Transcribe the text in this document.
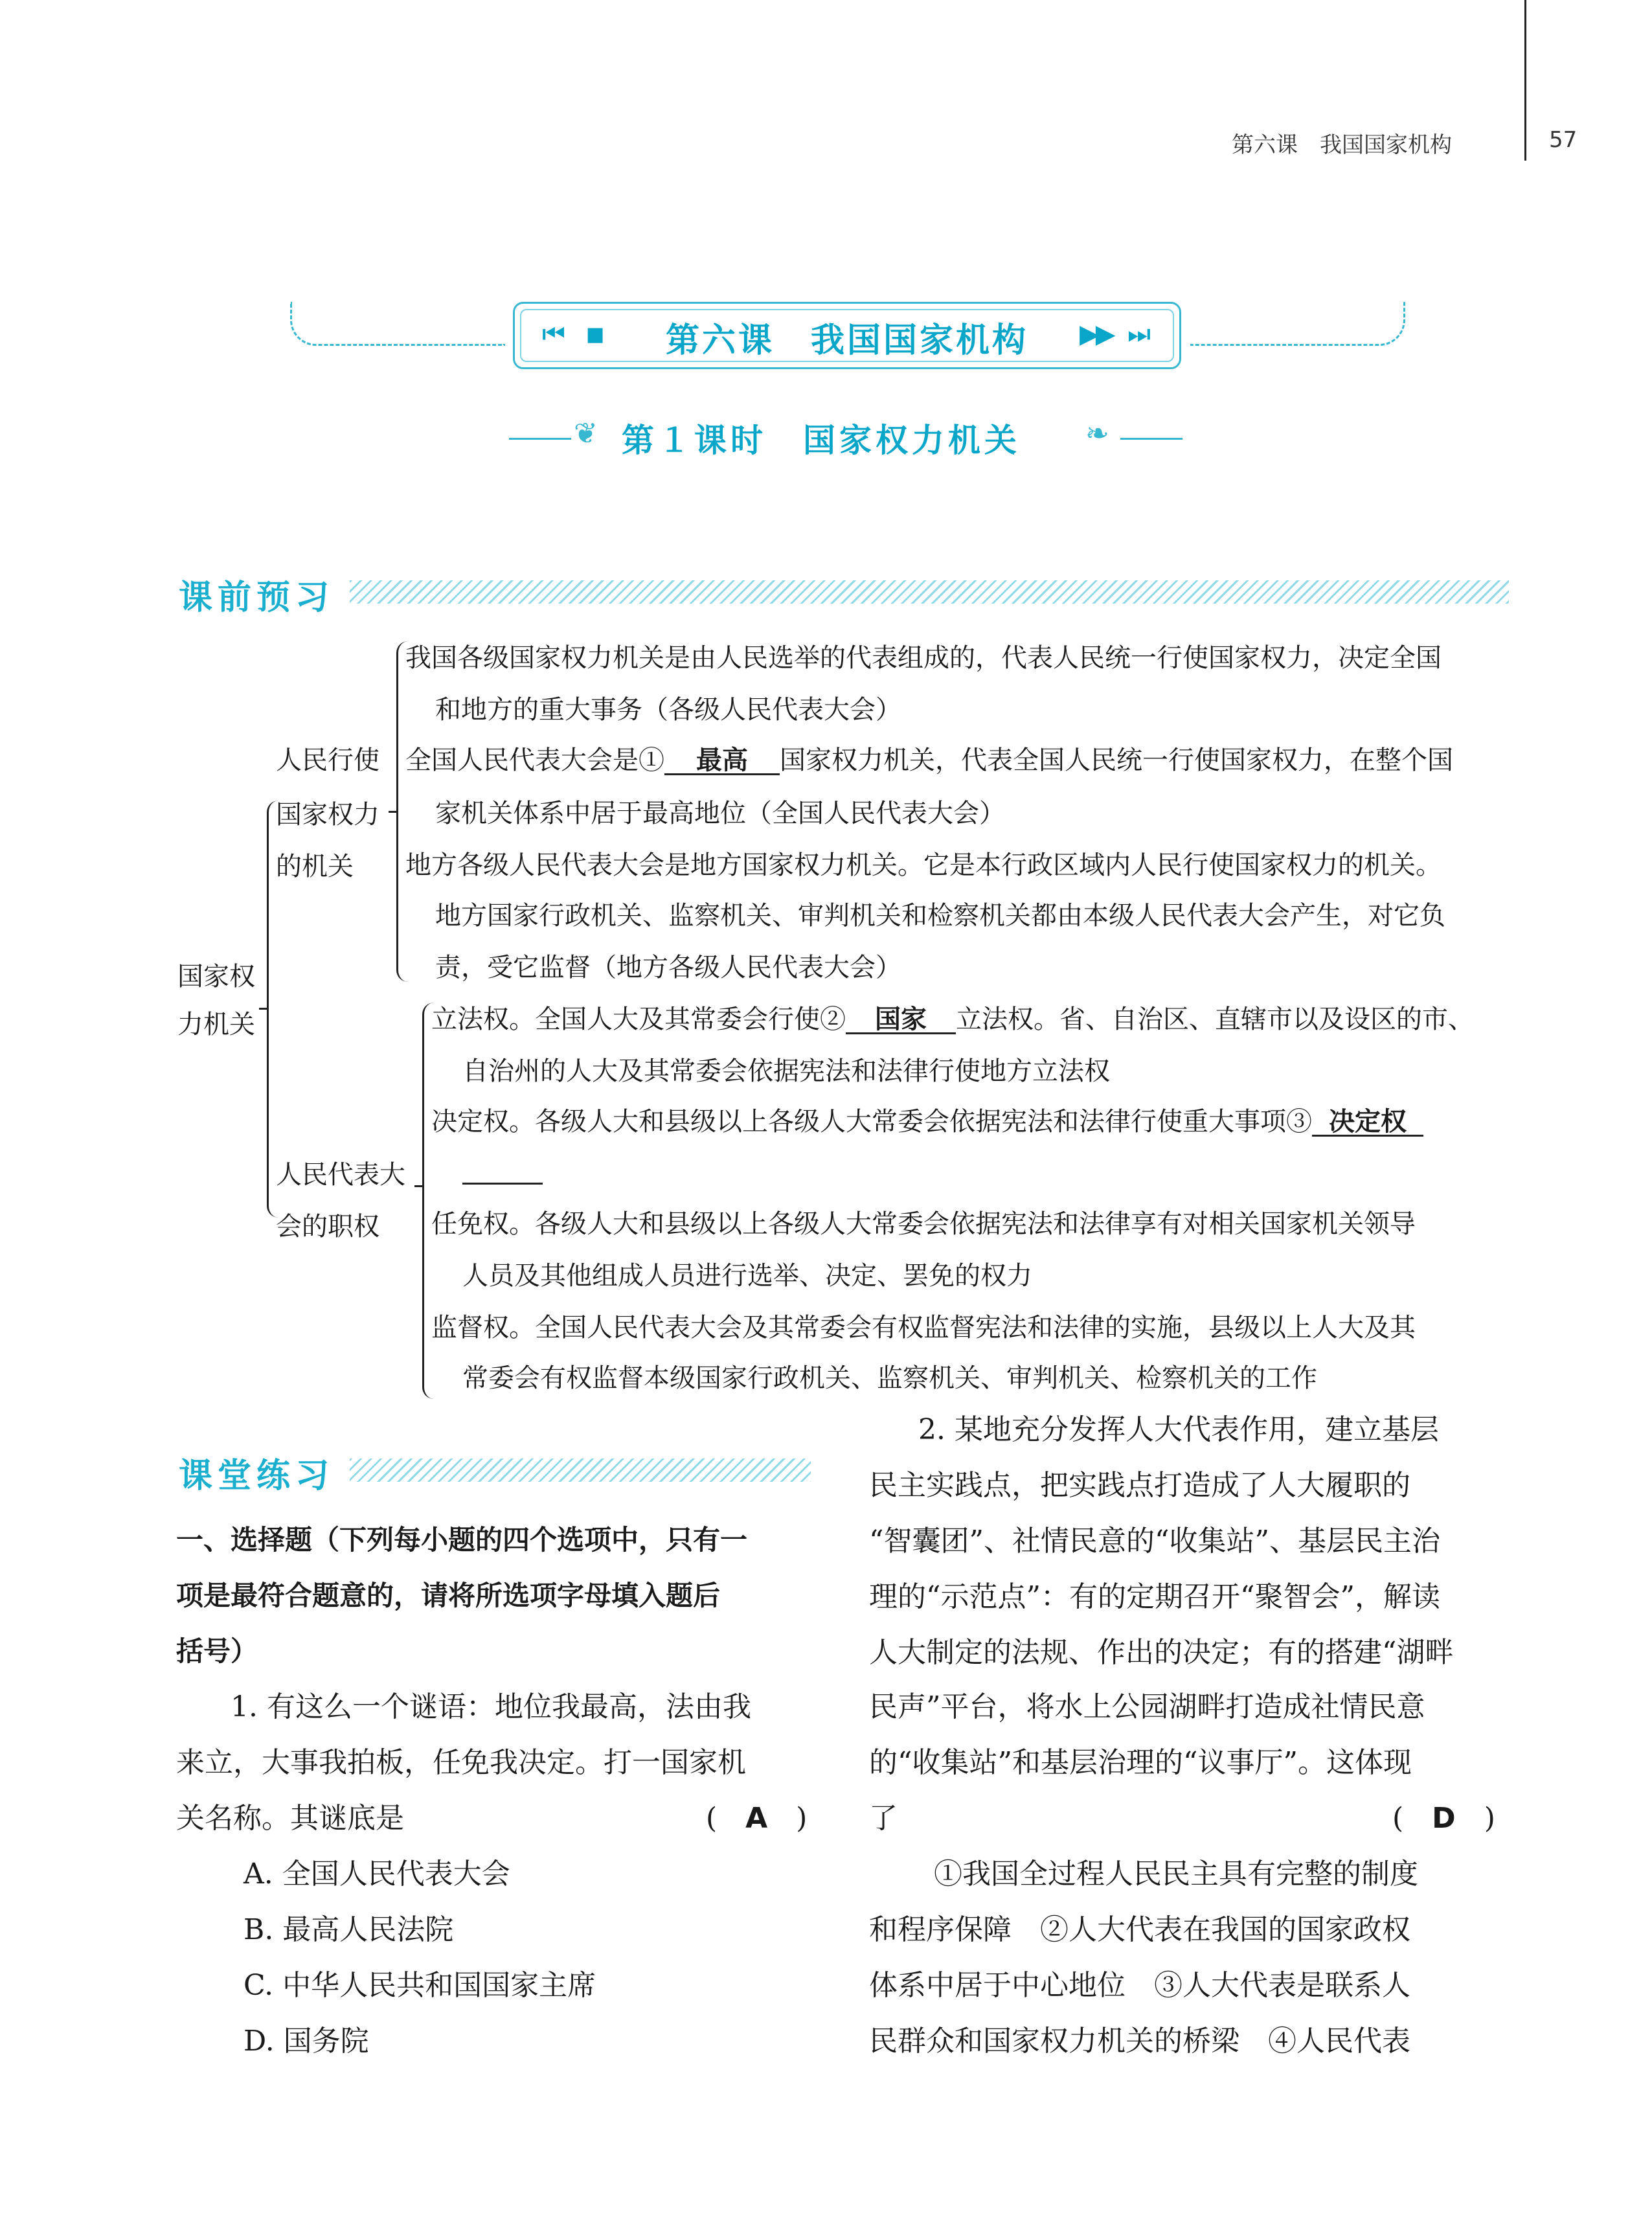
第六课　我国国家机构	57
⏮ ■	第六课　我国国家机构	▶▶ ⏭
❦ 第１课时　国家权力机关 ❧
课前预习
国家权
力机关
人民行使
国家权力
的机关
我国各级国家权力机关是由人民选举的代表组成的，代表人民统一行使国家权力，决定全国
和地方的重大事务（各级人民代表大会）
全国人民代表大会是① 最高 国家权力机关，代表全国人民统一行使国家权力，在整个国
家机关体系中居于最高地位（全国人民代表大会）
地方各级人民代表大会是地方国家权力机关。它是本行政区域内人民行使国家权力的机关。
地方国家行政机关、监察机关、审判机关和检察机关都由本级人民代表大会产生，对它负
责，受它监督（地方各级人民代表大会）
人民代表大
会的职权
立法权。全国人大及其常委会行使② 国家 立法权。省、自治区、直辖市以及设区的市、
自治州的人大及其常委会依据宪法和法律行使地方立法权
决定权。各级人大和县级以上各级人大常委会依据宪法和法律行使重大事项③ 决定权
任免权。各级人大和县级以上各级人大常委会依据宪法和法律享有对相关国家机关领导
人员及其他组成人员进行选举、决定、罢免的权力
监督权。全国人民代表大会及其常委会有权监督宪法和法律的实施，县级以上人大及其
常委会有权监督本级国家行政机关、监察机关、审判机关、检察机关的工作
课堂练习
一、选择题（下列每小题的四个选项中，只有一
项是最符合题意的，请将所选项字母填入题后
括号）
1. 有这么一个谜语：地位我最高，法由我
来立，大事我拍板，任免我决定。打一国家机
关名称。其谜底是	(　A　)
A. 全国人民代表大会
B. 最高人民法院
C. 中华人民共和国国家主席
D. 国务院
2. 某地充分发挥人大代表作用，建立基层
民主实践点，把实践点打造成了人大履职的
“智囊团”、社情民意的“收集站”、基层民主治
理的“示范点”：有的定期召开“聚智会”，解读
人大制定的法规、作出的决定；有的搭建“湖畔
民声”平台，将水上公园湖畔打造成社情民意
的“收集站”和基层治理的“议事厅”。这体现
了	(　D　)
①我国全过程人民民主具有完整的制度
和程序保障　②人大代表在我国的国家政权
体系中居于中心地位　③人大代表是联系人
民群众和国家权力机关的桥梁　④人民代表
